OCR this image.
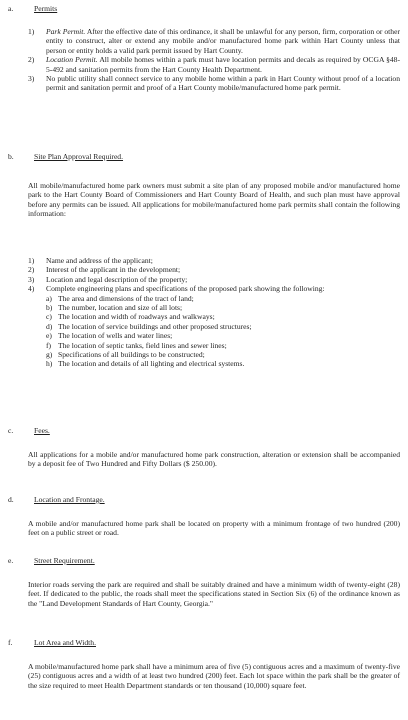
a.	Permits
1) Park Permit. After the effective date of this ordinance, it shall be unlawful for any person, firm, corporation or other entity to construct, alter or extend any mobile and/or manufactured home park within Hart County unless that person or entity holds a valid park permit issued by Hart County.
2) Location Permit. All mobile homes within a park must have location permits and decals as required by OCGA §48-5-492 and sanitation permits from the Hart County Health Department.
3) No public utility shall connect service to any mobile home within a park in Hart County without proof of a location permit and sanitation permit and proof of a Hart County mobile/manufactured home park permit.
b.	Site Plan Approval Required.
All mobile/manufactured home park owners must submit a site plan of any proposed mobile and/or manufactured home park to the Hart County Board of Commissioners and Hart County Board of Health, and such plan must have approval before any permits can be issued. All applications for mobile/manufactured home park permits shall contain the following information:
1) Name and address of the applicant;
2) Interest of the applicant in the development;
3) Location and legal description of the property;
4) Complete engineering plans and specifications of the proposed park showing the following:
a) The area and dimensions of the tract of land;
b) The number, location and size of all lots;
c) The location and width of roadways and walkways;
d) The location of service buildings and other proposed structures;
e) The location of wells and water lines;
f) The location of septic tanks, field lines and sewer lines;
g) Specifications of all buildings to be constructed;
h) The location and details of all lighting and electrical systems.
c.	Fees.
All applications for a mobile and/or manufactured home park construction, alteration or extension shall be accompanied by a deposit fee of Two Hundred and Fifty Dollars ($ 250.00).
d.	Location and Frontage.
A mobile and/or manufactured home park shall be located on property with a minimum frontage of two hundred (200) feet on a public street or road.
e.	Street Requirement.
Interior roads serving the park are required and shall be suitably drained and have a minimum width of twenty-eight (28) feet. If dedicated to the public, the roads shall meet the specifications stated in Section Six (6) of the ordinance known as the "Land Development Standards of Hart County, Georgia."
f.	Lot Area and Width.
A mobile/manufactured home park shall have a minimum area of five (5) contiguous acres and a maximum of twenty-five (25) contiguous acres and a width of at least two hundred (200) feet. Each lot space within the park shall be the greater of the size required to meet Health Department standards or ten thousand (10,000) square feet.
